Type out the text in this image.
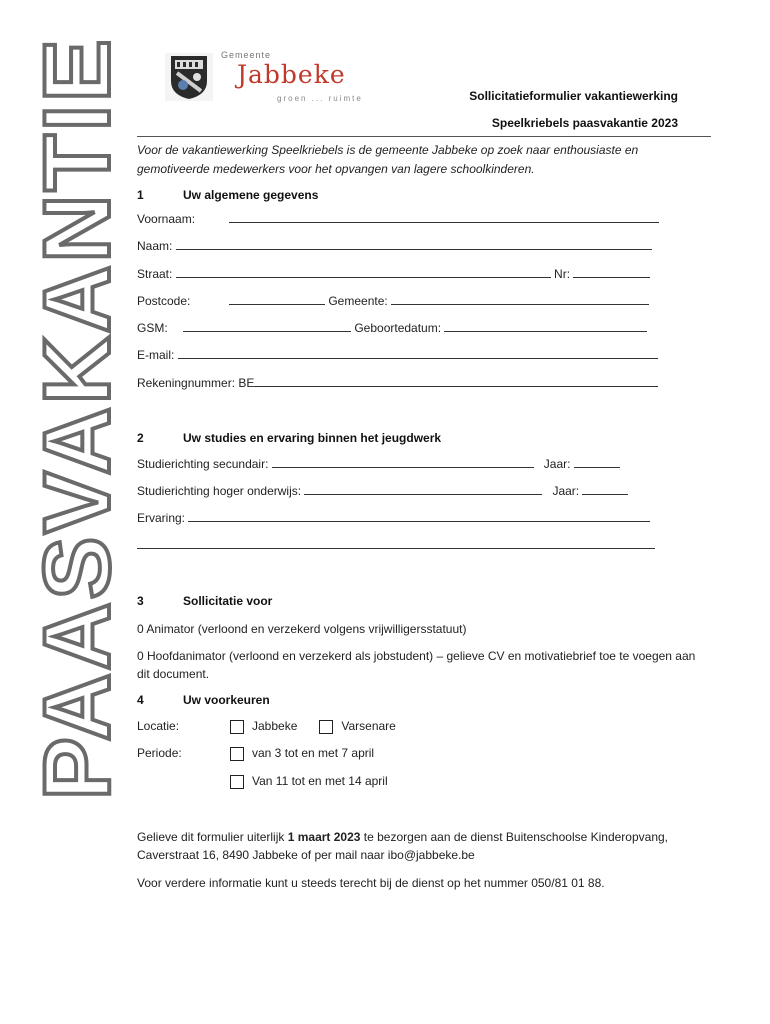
PAASVAKANTIE	Gemeente
Jabbeke
groen ... ruimte	Sollicitatieformulier vakantiewerking
Speelkriebels paasvakantie 2023
Voor de vakantiewerking Speelkriebels is de gemeente Jabbeke op zoek naar enthousiaste en gemotiveerde medewerkers voor het opvangen van lagere schoolkinderen.
1	Uw algemene gegevens
Voornaam:
Naam:
Straat:	Nr:
Postcode:	Gemeente:
GSM:	Geboortedatum:
E-mail:
Rekeningnummer: BE
2	Uw studies en ervaring binnen het jeugdwerk
Studierichting secundair:	Jaar:
Studierichting hoger onderwijs:	Jaar:
Ervaring:
3	Sollicitatie voor
0 Animator (verloond en verzekerd volgens vrijwilligersstatuut)
0 Hoofdanimator (verloond en verzekerd als jobstudent) – gelieve CV en motivatiebrief toe te voegen aan dit document.
4	Uw voorkeuren
Locatie:	Jabbeke	Varsenare
Periode:	van 3 tot en met 7 april
Van 11 tot en met 14 april
Gelieve dit formulier uiterlijk 1 maart 2023 te bezorgen aan de dienst Buitenschoolse Kinderopvang, Caverstraat 16, 8490 Jabbeke of per mail naar ibo@jabbeke.be
Voor verdere informatie kunt u steeds terecht bij de dienst op het nummer 050/81 01 88.
